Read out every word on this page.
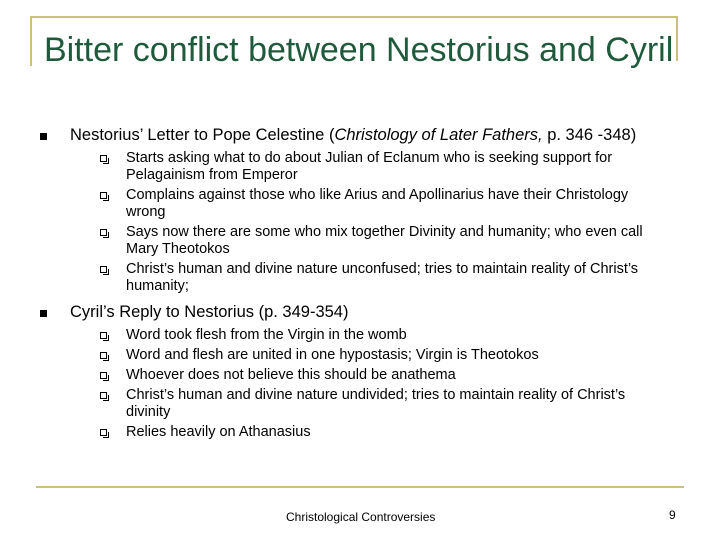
Bitter conflict between Nestorius and Cyril
Nestorius’ Letter to Pope Celestine (Christology of Later Fathers, p. 346 -348)
Starts asking what to do about Julian of Eclanum who is seeking support for Pelagainism from Emperor
Complains against those who like Arius and Apollinarius have their Christology wrong
Says now there are some who mix together Divinity and humanity; who even call Mary Theotokos
Christ’s human and divine nature unconfused; tries to maintain reality of Christ’s humanity;
Cyril’s Reply to Nestorius (p. 349-354)
Word took flesh from the Virgin in the womb
Word and flesh are united in one hypostasis; Virgin is Theotokos
Whoever does not believe this should be anathema
Christ’s human and divine nature undivided; tries to maintain reality of Christ’s divinity
Relies heavily on Athanasius
Christological Controversies	9
